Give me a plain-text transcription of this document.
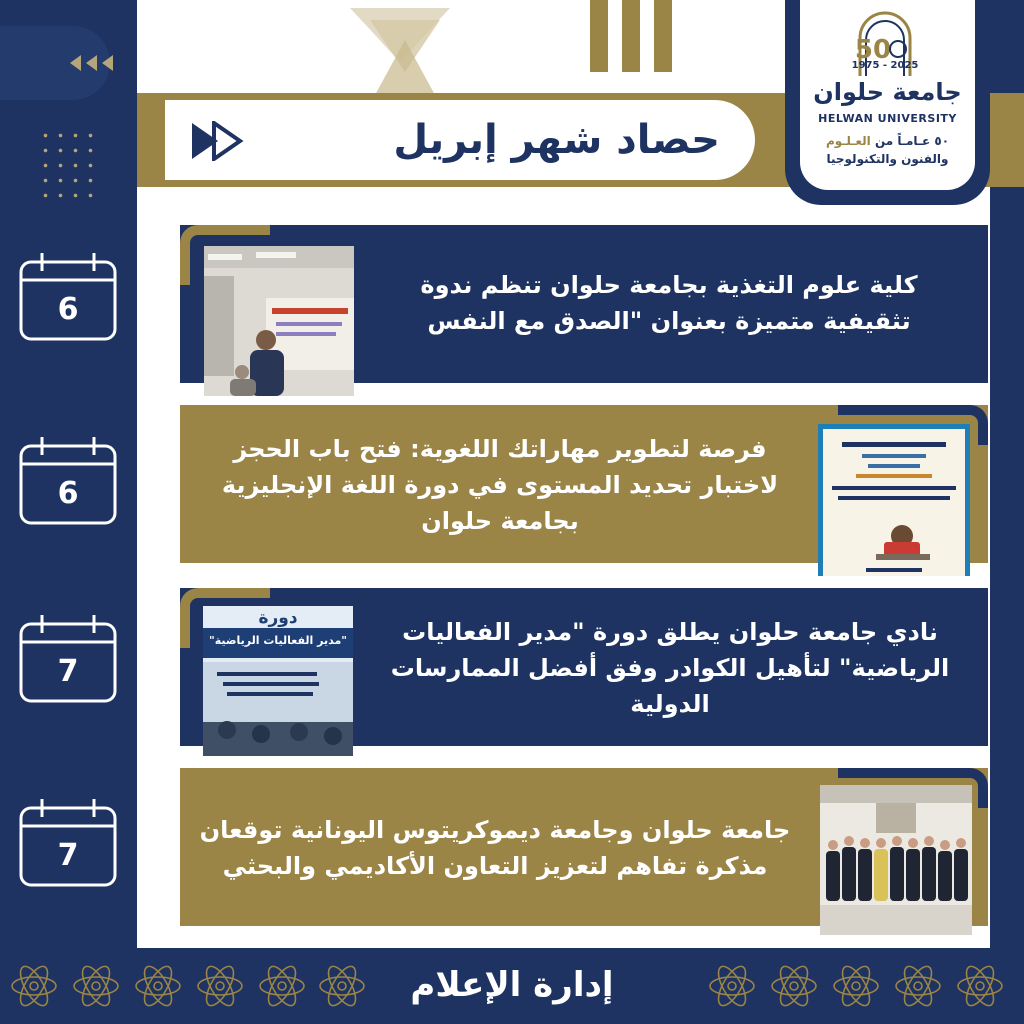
حصاد شهر إبريل
50
1975 - 2025
جامعة حلوان
HELWAN UNIVERSITY
٥٠ عـامـاً من العـلـوم
والفنون والتكنولوجيا
6
6
7
7
كلية علوم التغذية بجامعة حلوان تنظم ندوة تثقيفية متميزة بعنوان "الصدق مع النفس
فرصة لتطوير مهاراتك اللغوية: فتح باب الحجز لاختبار تحديد المستوى في دورة اللغة الإنجليزية بجامعة حلوان
دورة
"مدير الفعاليات الرياضية"	نادي جامعة حلوان يطلق دورة "مدير الفعاليات الرياضية" لتأهيل الكوادر وفق أفضل الممارسات الدولية
جامعة حلوان وجامعة ديموكريتوس اليونانية توقعان مذكرة تفاهم لتعزيز التعاون الأكاديمي والبحثي
إدارة الإعلام
